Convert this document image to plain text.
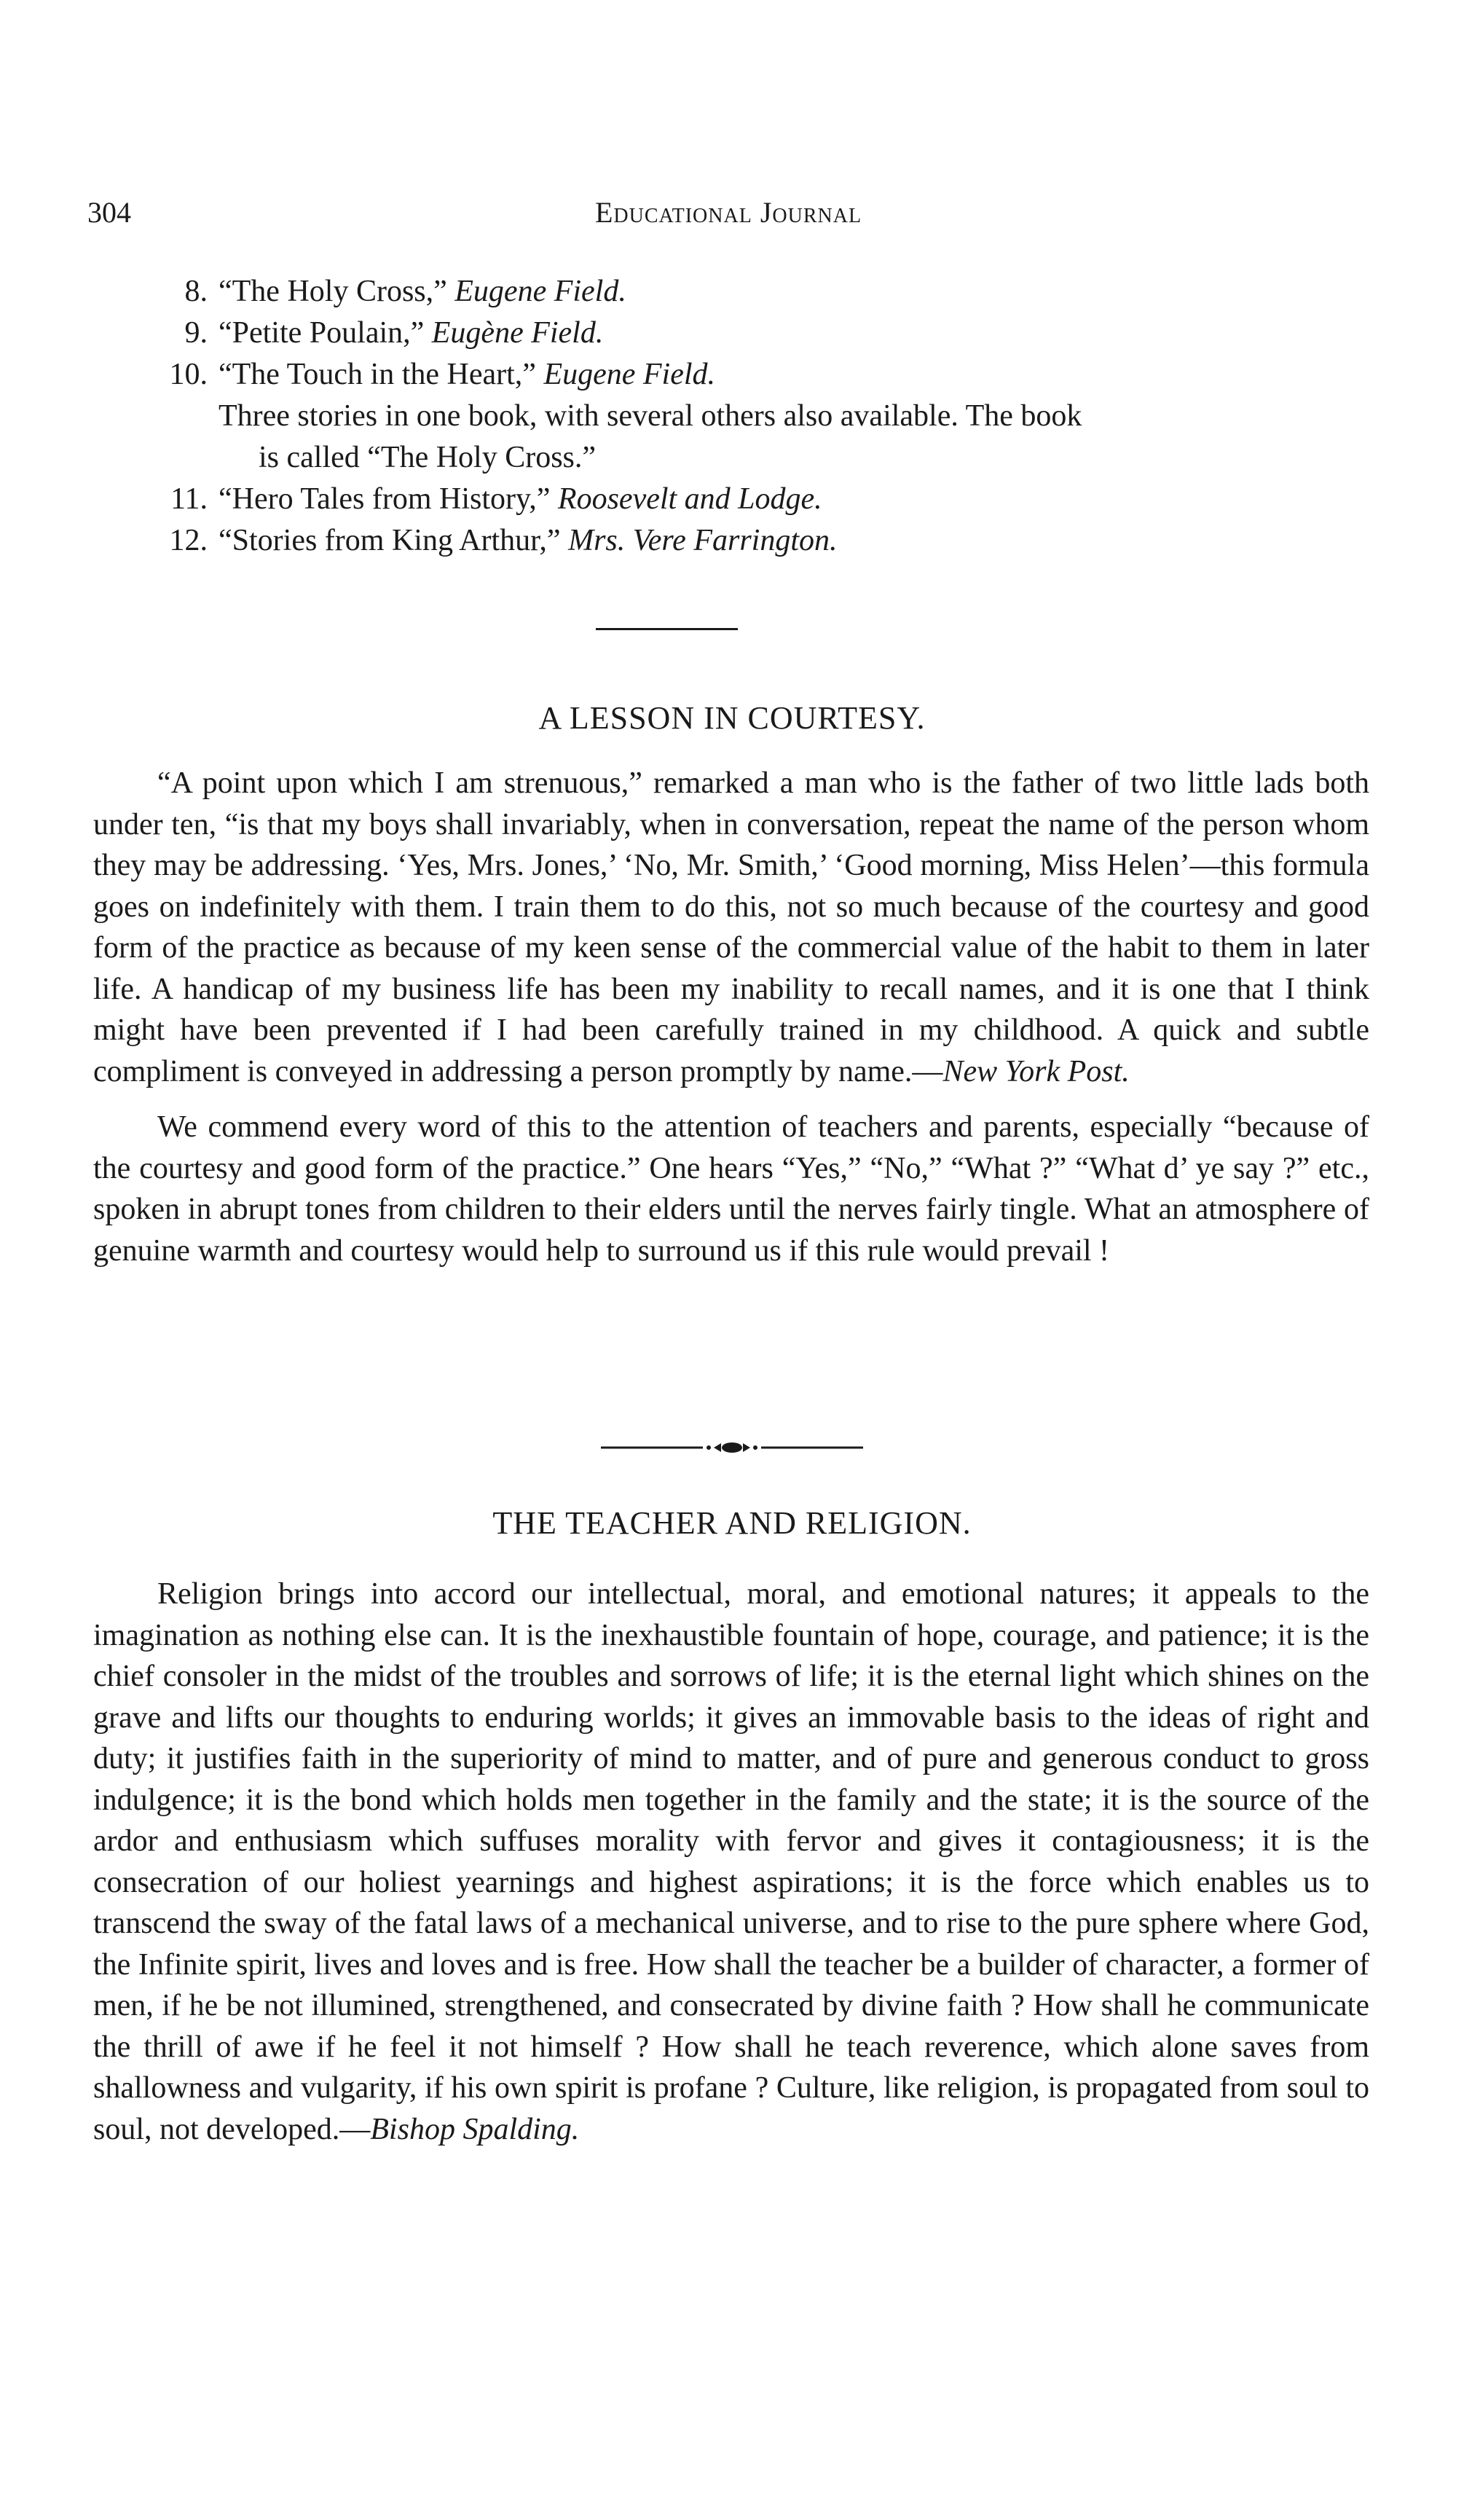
304	Educational Journal
8. “The Holy Cross,” Eugene Field.
9. “Petite Poulain,” Eugène Field.
10. “The Touch in the Heart,” Eugene Field.
Three stories in one book, with several others also available. The book
is called “The Holy Cross.”
11. “Hero Tales from History,” Roosevelt and Lodge.
12. “Stories from King Arthur,” Mrs. Vere Farrington.
A LESSON IN COURTESY.

“A point upon which I am strenuous,” remarked a man who is the father of two little lads both under ten, “is that my boys shall invariably, when in conversation, repeat the name of the person whom they may be addressing. ‘Yes, Mrs. Jones,’ ‘No, Mr. Smith,’ ‘Good morning, Miss Helen’—this formula goes on indefinitely with them. I train them to do this, not so much because of the courtesy and good form of the practice as because of my keen sense of the commercial value of the habit to them in later life. A handicap of my business life has been my inability to recall names, and it is one that I think might have been prevented if I had been carefully trained in my childhood. A quick and subtle compliment is conveyed in addressing a person promptly by name.—New York Post.

We commend every word of this to the attention of teachers and parents, especially “because of the courtesy and good form of the practice.” One hears “Yes,” “No,” “What ?” “What d’ ye say ?” etc., spoken in abrupt tones from children to their elders until the nerves fairly tingle. What an atmosphere of genuine warmth and courtesy would help to surround us if this rule would prevail !

THE TEACHER AND RELIGION.

Religion brings into accord our intellectual, moral, and emotional natures; it appeals to the imagination as nothing else can. It is the inexhaustible fountain of hope, courage, and patience; it is the chief consoler in the midst of the troubles and sorrows of life; it is the eternal light which shines on the grave and lifts our thoughts to enduring worlds; it gives an immovable basis to the ideas of right and duty; it justifies faith in the superiority of mind to matter, and of pure and generous conduct to gross indulgence; it is the bond which holds men together in the family and the state; it is the source of the ardor and enthusiasm which suffuses morality with fervor and gives it contagiousness; it is the consecration of our holiest yearnings and highest aspirations; it is the force which enables us to transcend the sway of the fatal laws of a mechanical universe, and to rise to the pure sphere where God, the Infinite spirit, lives and loves and is free. How shall the teacher be a builder of character, a former of men, if he be not illumined, strengthened, and consecrated by divine faith ? How shall he communicate the thrill of awe if he feel it not himself ? How shall he teach reverence, which alone saves from shallowness and vulgarity, if his own spirit is profane ? Culture, like religion, is propagated from soul to soul, not developed.—Bishop Spalding.
